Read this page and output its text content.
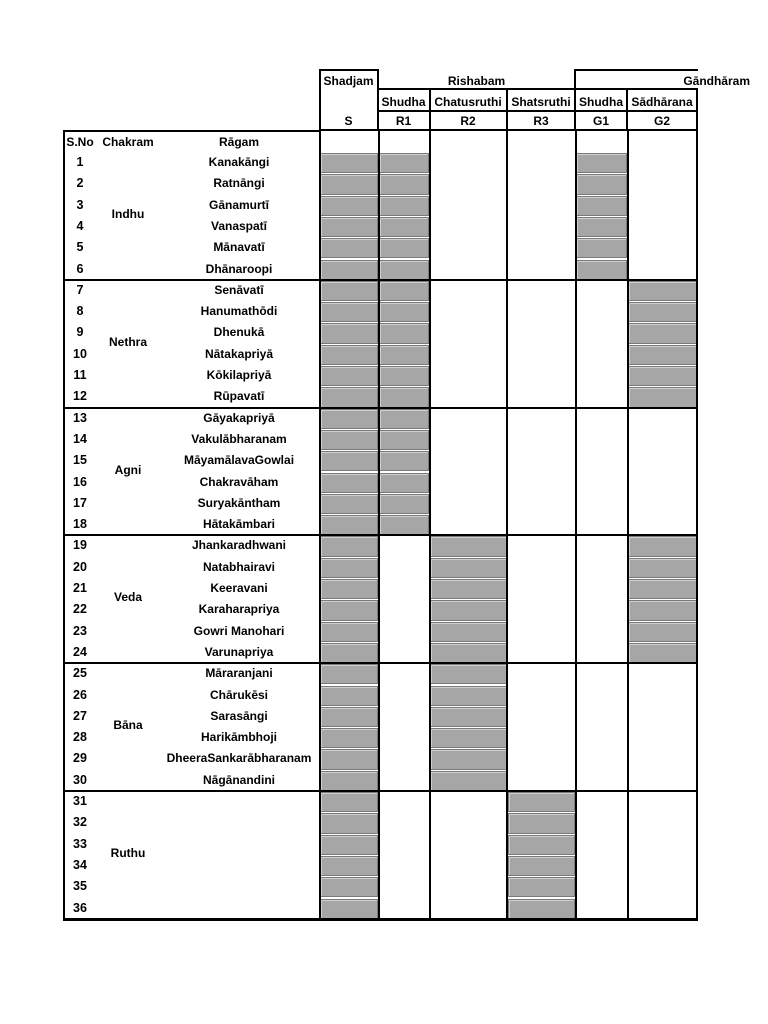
Shadjam	Rishabam	Gāndhāram
Shudha Chatusruthi Shatsruthi Shudha Sādhārana
S	R1	R2	R3	G1	G2
S.No Chakram	Rāgam
Indhu
1	Kanakāngi
2	Ratnāngi
3	Gānamurtī
4	Vanaspatī
5	Mānavatī
6	Dhānaroopi
Nethra
7	Senāvatī
8	Hanumathōdi
9	Dhenukā
10	Nātakapriyā
11	Kōkilapriyā
12	Rūpavatī
Agni
13	Gāyakapriyā
14	Vakulābharanam
15	MāyamālavaGowlai
16	Chakravāham
17	Suryakāntham
18	Hātakāmbari
Veda
19	Jhankaradhwani
20	Natabhairavi
21	Keeravani
22	Karaharapriya
23	Gowri Manohari
24	Varunapriya
Bāna
25	Māraranjani
26	Chārukēsi
27	Sarasāngi
28	Harikāmbhoji
29	DheeraSankarābharanam
30	Nāgānandini
Ruthu
31
32
33
34
35
36
